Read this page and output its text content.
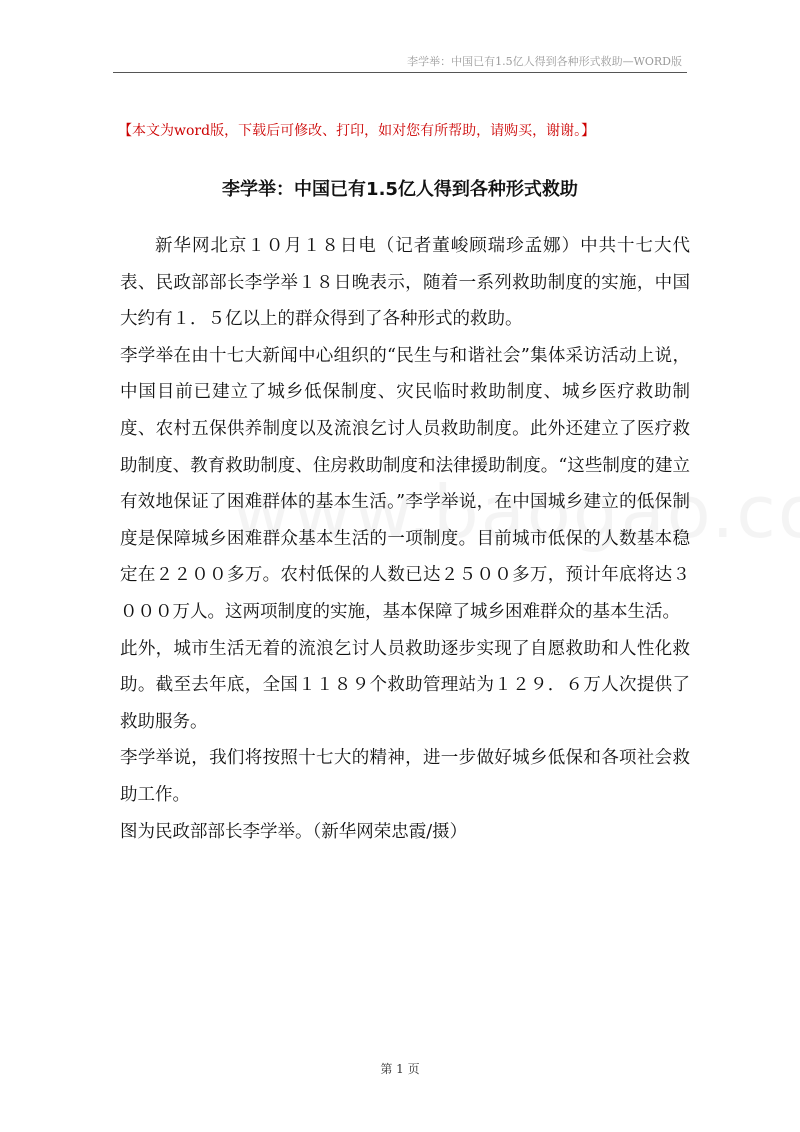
李学举：中国已有1.5亿人得到各种形式救助—WORD版
【本文为word版，下载后可修改、打印，如对您有所帮助，请购买，谢谢。】
李学举：中国已有1.5亿人得到各种形式救助

新华网北京１０月１８日电（记者董峻顾瑞珍孟娜）中共十七大代表、民政部部长李学举１８日晚表示，随着一系列救助制度的实施，中国大约有１．５亿以上的群众得到了各种形式的救助。

李学举在由十七大新闻中心组织的“民生与和谐社会”集体采访活动上说，中国目前已建立了城乡低保制度、灾民临时救助制度、城乡医疗救助制度、农村五保供养制度以及流浪乞讨人员救助制度。此外还建立了医疗救助制度、教育救助制度、住房救助制度和法律援助制度。“这些制度的建立有效地保证了困难群体的基本生活。”李学举说，在中国城乡建立的低保制度是保障城乡困难群众基本生活的一项制度。目前城市低保的人数基本稳定在２２００多万。农村低保的人数已达２５００多万，预计年底将达３０００万人。这两项制度的实施，基本保障了城乡困难群众的基本生活。

此外，城市生活无着的流浪乞讨人员救助逐步实现了自愿救助和人性化救助。截至去年底，全国１１８９个救助管理站为１２９．６万人次提供了救助服务。

李学举说，我们将按照十七大的精神，进一步做好城乡低保和各项社会救助工作。

图为民政部部长李学举。（新华网荣忠霞/摄）

第 1 页
